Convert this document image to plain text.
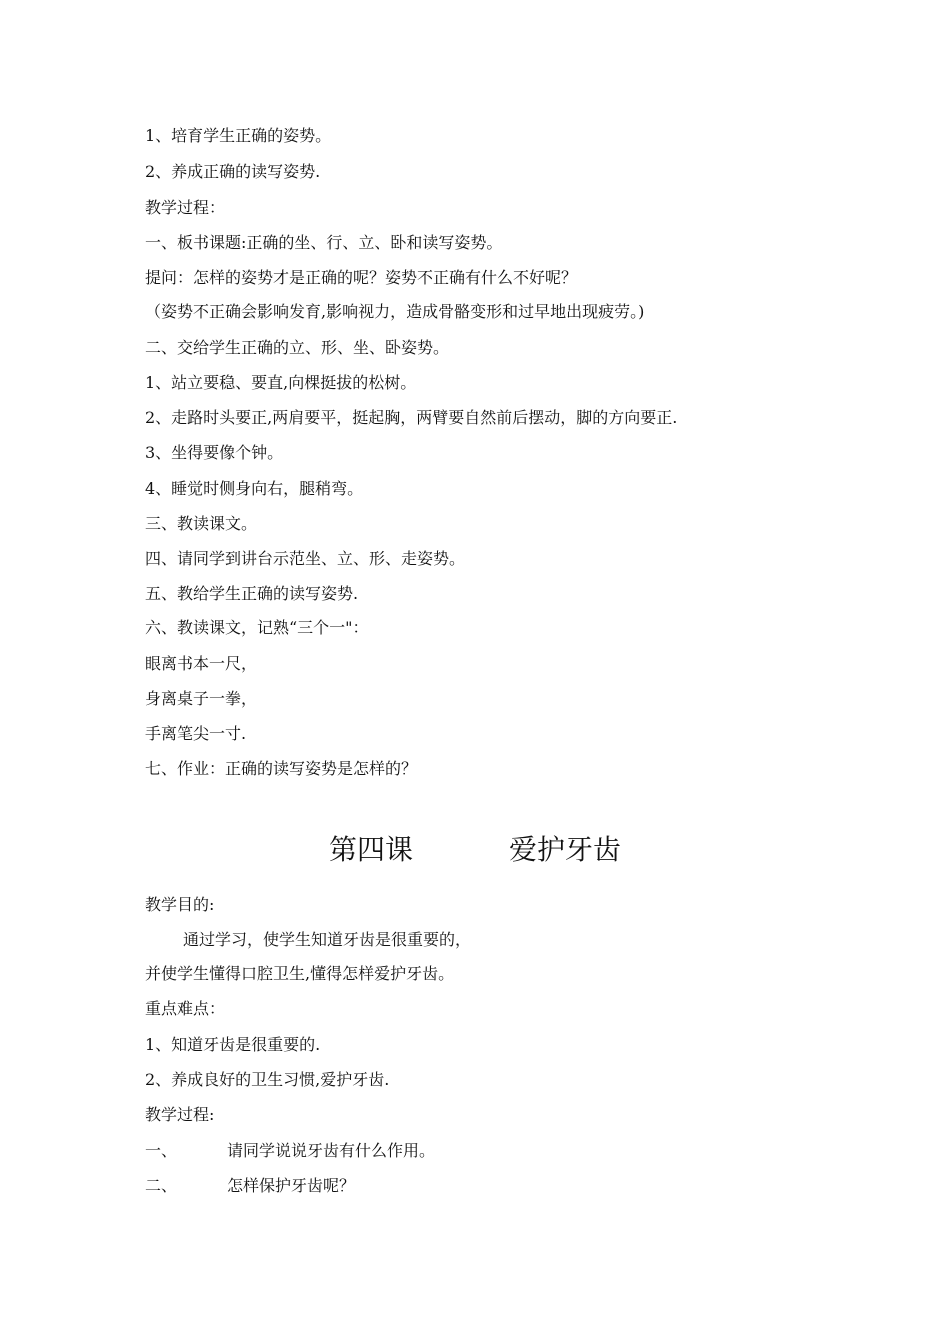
1、培育学生正确的姿势。
2、养成正确的读写姿势.
教学过程：
一、板书课题:正确的坐、行、立、卧和读写姿势。
提问：怎样的姿势才是正确的呢？姿势不正确有什么不好呢？
（姿势不正确会影响发育,影响视力，造成骨骼变形和过早地出现疲劳。)
二、交给学生正确的立、形、坐、卧姿势。
1、站立要稳、要直,向棵挺拔的松树。
2、走路时头要正,两肩要平，挺起胸，两臂要自然前后摆动，脚的方向要正.
3、坐得要像个钟。
4、睡觉时侧身向右，腿稍弯。
三、教读课文。
四、请同学到讲台示范坐、立、形、走姿势。
五、教给学生正确的读写姿势.
六、教读课文，记熟“三个一"：
眼离书本一尺，
身离桌子一拳，
手离笔尖一寸.
七、作业：正确的读写姿势是怎样的？
第四课	爱护牙齿
教学目的:
通过学习，使学生知道牙齿是很重要的，
并使学生懂得口腔卫生,懂得怎样爱护牙齿。
重点难点：
1、知道牙齿是很重要的.
2、养成良好的卫生习惯,爱护牙齿.
教学过程:
一、	请同学说说牙齿有什么作用。
二、	怎样保护牙齿呢？
